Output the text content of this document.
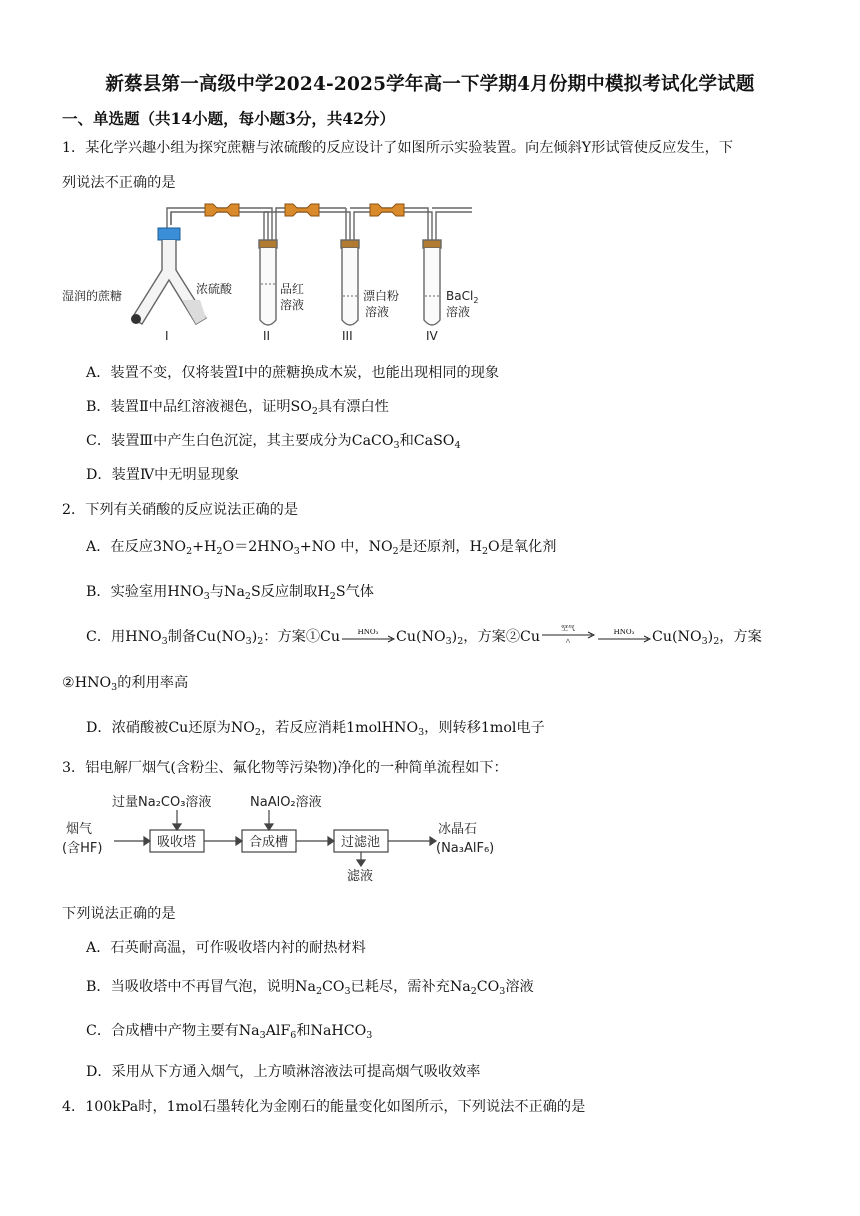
新蔡县第一高级中学2024-2025学年高一下学期4月份期中模拟考试化学试题
一、单选题（共14小题，每小题3分，共42分）
1．某化学兴趣小组为探究蔗糖与浓硫酸的反应设计了如图所示实验装置。向左倾斜Y形试管使反应发生，下
列说法不正确的是
湿润的蔗糖	浓硫酸
I	II	III	IV
品红
溶液
漂白粉
溶液
BaCl$_2$
溶液
A．装置不变，仅将装置I中的蔗糖换成木炭，也能出现相同的现象
B．装置Ⅱ中品红溶液褪色，证明$SO_2$具有漂白性
C．装置Ⅲ中产生白色沉淀，其主要成分为CaCO$_3$和CaSO$_4$
D．装置Ⅳ中无明显现象
2．下列有关硝酸的反应说法正确的是
A．在反应$3NO_2+H_2O=2HNO_3+NO$ 中，$NO_2$是还原剂，$H_2O$是氧化剂
B．实验室用$HNO_3$与$Na_2S$反应制取$H_2S$气体
C．用$HNO_3$制备$Cu(NO_3)_2$：方案①Cu	HNO₃ $Cu(NO_3)_2$，方案②Cu
空气
△
HNO₃ $Cu(NO_3)_2$，方案
$②HNO_3$的利用率高
D．浓硝酸被Cu还原为$NO_2$，若反应消耗1molHNO$_3$，则转移1mol电子
3．铝电解厂烟气(含粉尘、氟化物等污染物)净化的一种简单流程如下：
过量Na₂CO₃溶液	NaAlO₂溶液
烟气
(含HF)
冰晶石
(Na₃AlF₆)
滤液
吸收塔	合成槽	过滤池
下列说法正确的是
A．石英耐高温，可作吸收塔内衬的耐热材料
B．当吸收塔中不再冒气泡，说明$Na_2CO_3$已耗尽，需补充$Na_2CO_3$溶液
C．合成槽中产物主要有$Na_3AlF_6$和NaHCO$_3$
D．采用从下方通入烟气，上方喷淋溶液法可提高烟气吸收效率
4．100kPa时，1mol石墨转化为金刚石的能量变化如图所示，下列说法不正确的是
